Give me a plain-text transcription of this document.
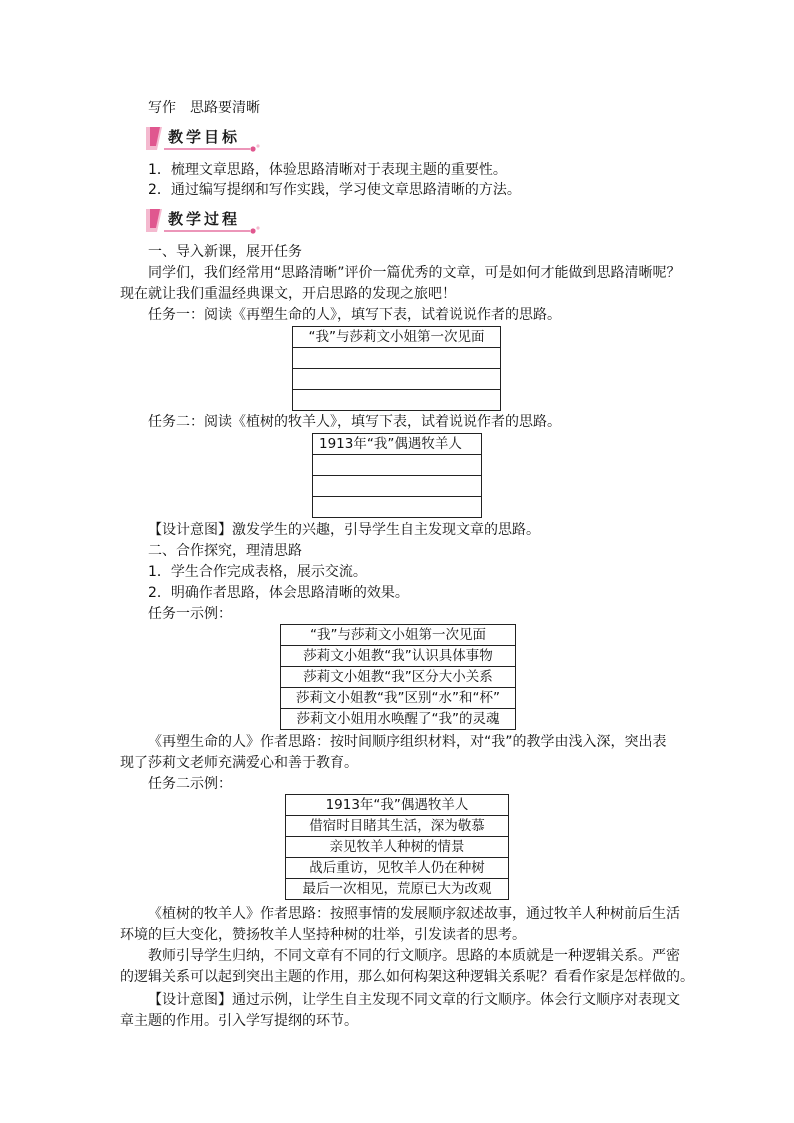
写作　思路要清晰
教学目标
1．梳理文章思路，体验思路清晰对于表现主题的重要性。
2．通过编写提纲和写作实践，学习使文章思路清晰的方法。
教学过程
一、导入新课，展开任务
同学们，我们经常用“思路清晰”评价一篇优秀的文章，可是如何才能做到思路清晰呢？
现在就让我们重温经典课文，开启思路的发现之旅吧！
任务一：阅读《再塑生命的人》，填写下表，试着说说作者的思路。
“我”与莎莉文小姐第一次见面

任务二：阅读《植树的牧羊人》，填写下表，试着说说作者的思路。
1913年“我”偶遇牧羊人

【设计意图】激发学生的兴趣，引导学生自主发现文章的思路。
二、合作探究，理清思路
1．学生合作完成表格，展示交流。
2．明确作者思路，体会思路清晰的效果。
任务一示例：
“我”与莎莉文小姐第一次见面
莎莉文小姐教“我”认识具体事物
莎莉文小姐教“我”区分大小关系
莎莉文小姐教“我”区别“水”和“杯”
莎莉文小姐用水唤醒了“我”的灵魂
《再塑生命的人》作者思路：按时间顺序组织材料，对“我”的教学由浅入深，突出表
现了莎莉文老师充满爱心和善于教育。
任务二示例：
1913年“我”偶遇牧羊人
借宿时目睹其生活，深为敬慕
亲见牧羊人种树的情景
战后重访，见牧羊人仍在种树
最后一次相见，荒原已大为改观
《植树的牧羊人》作者思路：按照事情的发展顺序叙述故事，通过牧羊人种树前后生活
环境的巨大变化，赞扬牧羊人坚持种树的壮举，引发读者的思考。
教师引导学生归纳，不同文章有不同的行文顺序。思路的本质就是一种逻辑关系。严密
的逻辑关系可以起到突出主题的作用，那么如何构架这种逻辑关系呢？看看作家是怎样做的。
【设计意图】通过示例，让学生自主发现不同文章的行文顺序。体会行文顺序对表现文
章主题的作用。引入学写提纲的环节。
